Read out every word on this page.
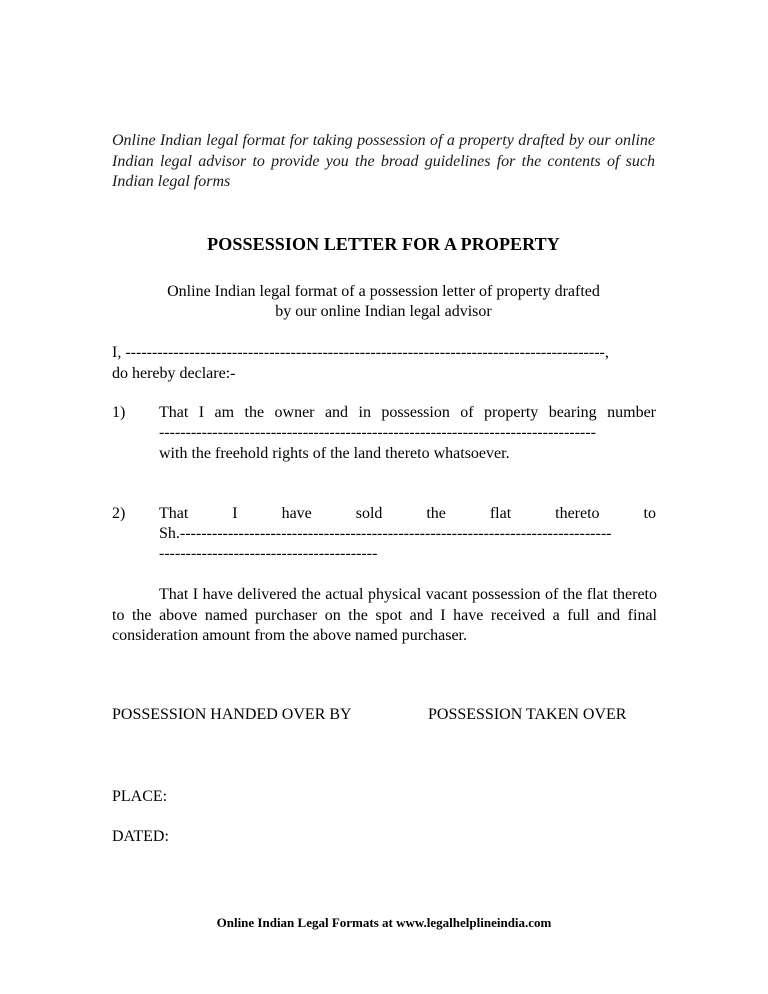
Online Indian legal format for taking possession of a property drafted by our online Indian legal advisor to provide you the broad guidelines for the contents of such Indian legal forms

POSSESSION LETTER FOR A PROPERTY
Online Indian legal format of a possession letter of property drafted
by our online Indian legal advisor

I, ------------------------------------------------------------------------------------------,

do hereby declare:-

1) That I am the owner and in possession of property bearing number

----------------------------------------------------------------------------------

with the freehold rights of the land thereto whatsoever.

2) That	I	have	sold	the	flat	thereto	to

Sh.---------------------------------------------------------------------------------

-----------------------------------------

That I have delivered the actual physical vacant possession of the flat thereto to the above named purchaser on the spot and I have received a full and final consideration amount from the above named purchaser.

POSSESSION HANDED OVER BY	POSSESSION TAKEN OVER

PLACE:

DATED:

Online Indian Legal Formats at www.legalhelplineindia.com
